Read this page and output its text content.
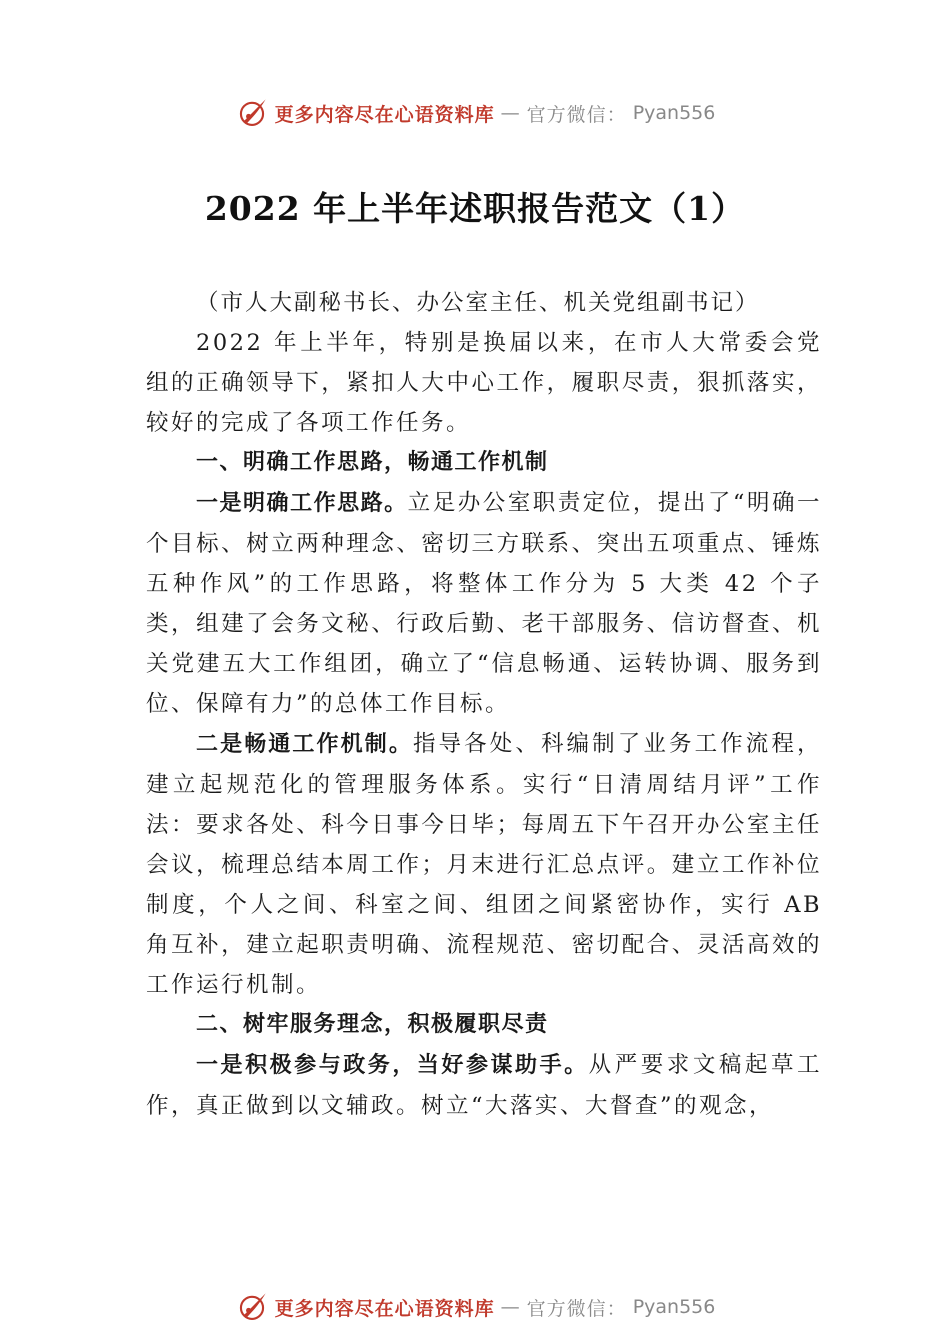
更多内容尽在心语资料库 — 官方微信： Pyan556
2022 年上半年述职报告范文（1）

（市人大副秘书长、办公室主任、机关党组副书记）

2022 年上半年，特别是换届以来，在市人大常委会党组的正确领导下，紧扣人大中心工作，履职尽责，狠抓落实，较好的完成了各项工作任务。

一、明确工作思路，畅通工作机制

一是明确工作思路。立足办公室职责定位，提出了“明确一个目标、树立两种理念、密切三方联系、突出五项重点、锤炼五种作风”的工作思路，将整体工作分为 5 大类 42 个子类，组建了会务文秘、行政后勤、老干部服务、信访督查、机关党建五大工作组团，确立了“信息畅通、运转协调、服务到位、保障有力”的总体工作目标。

二是畅通工作机制。指导各处、科编制了业务工作流程，建立起规范化的管理服务体系。实行“日清周结月评”工作法：要求各处、科今日事今日毕；每周五下午召开办公室主任会议，梳理总结本周工作；月末进行汇总点评。建立工作补位制度，个人之间、科室之间、组团之间紧密协作，实行 AB 角互补，建立起职责明确、流程规范、密切配合、灵活高效的工作运行机制。

二、树牢服务理念，积极履职尽责

一是积极参与政务，当好参谋助手。从严要求文稿起草工作，真正做到以文辅政。树立“大落实、大督查”的观念，

更多内容尽在心语资料库 — 官方微信： Pyan556
